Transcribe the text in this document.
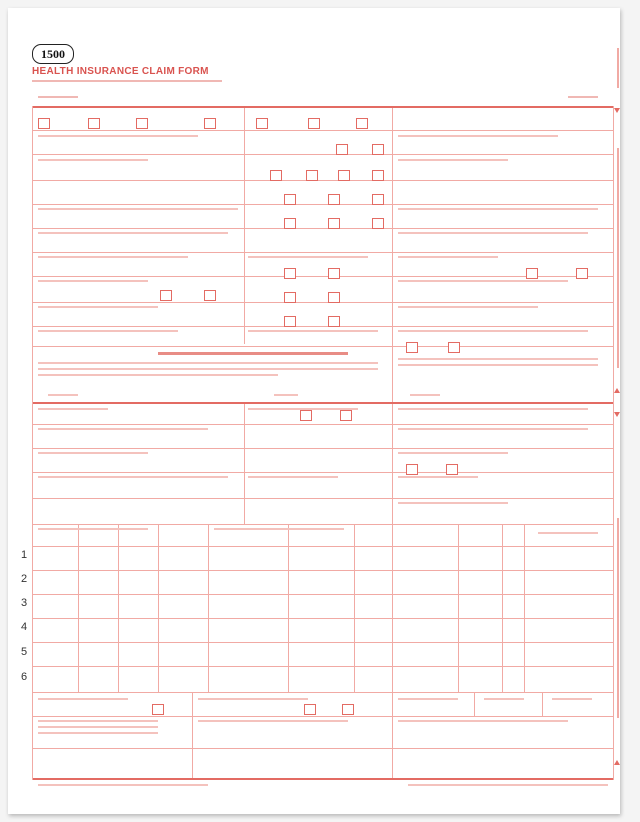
1500
HEALTH INSURANCE CLAIM FORM
1
2
3
4
5
6
